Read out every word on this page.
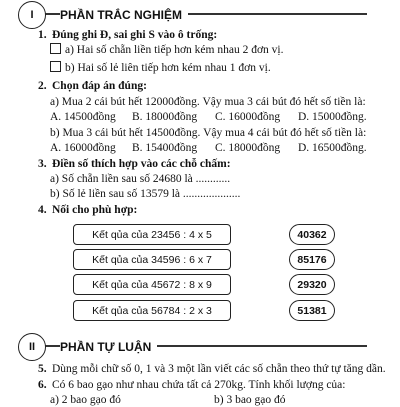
I	PHẦN TRẮC NGHIỆM
1. Đúng ghi Đ, sai ghi S vào ô trống:
a) Hai số chẵn liền tiếp hơn kém nhau 2 đơn vị.
b) Hai số lẻ liên tiếp hơn kém nhau 1 đơn vị.
2. Chọn đáp án đúng:
a) Mua 2 cái bút hết 12000đồng. Vậy mua 3 cái bút đó hết số tiền là:
A. 14500đồng B. 18000đồng C. 16000đồng D. 15000đồng.
b) Mua 3 cái bút hết 14500đồng. Vậy mua 4 cái bút đó hết số tiền là:
A. 16000đồng B. 15400đồng C. 18000đồng D. 16500đồng.
3. Điền số thích hợp vào các chỗ chấm:
a) Số chẵn liền sau số 24680 là ............
b) Số lẻ liền sau số 13579 là ....................
4. Nối cho phù hợp:
Kết qủa của 23456 : 4 x 5
Kết qủa của 34596 : 6 x 7
Kết qủa của 45672 : 8 x 9
Kết qủa của 56784 : 2 x 3
40362
85176
29320
51381
II	PHẦN TỰ LUẬN
5. Dùng mỗi chữ số 0, 1 và 3 một lần viết các số chẵn theo thứ tự tăng dần.
6. Có 6 bao gạo như nhau chứa tất cả 270kg. Tính khối lượng của:
a) 2 bao gạo đó	b) 3 bao gạo đó
